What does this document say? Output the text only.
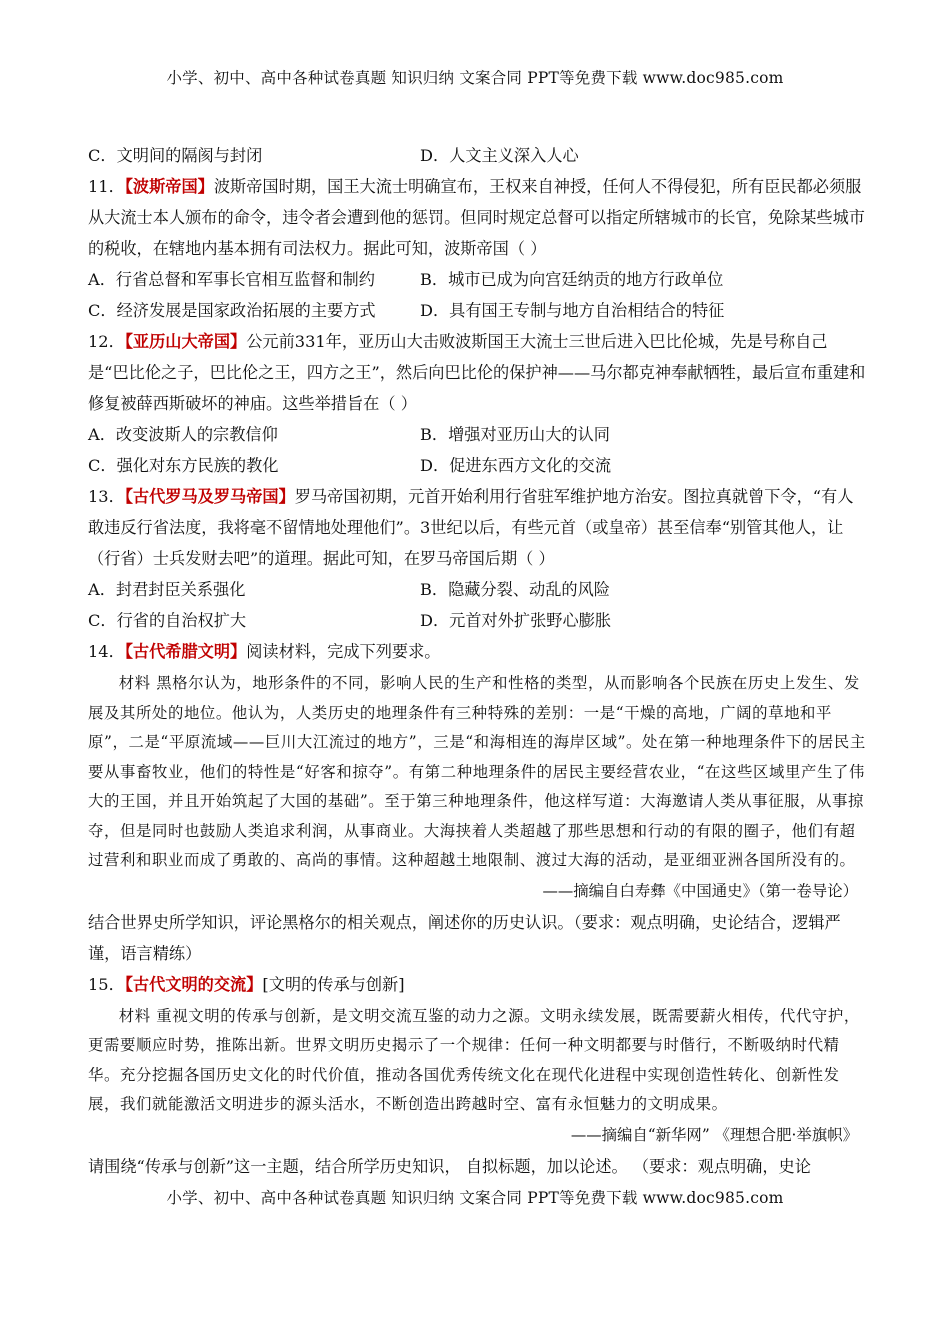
小学、初中、高中各种试卷真题 知识归纳 文案合同 PPT等免费下载 www.doc985.com
C．文明间的隔阂与封闭	D．人文主义深入人心

11．【波斯帝国】波斯帝国时期，国王大流士明确宣布，王权来自神授，任何人不得侵犯，所有臣民都必须服从大流士本人颁布的命令，违令者会遭到他的惩罚。但同时规定总督可以指定所辖城市的长官，免除某些城市的税收，在辖地内基本拥有司法权力。据此可知，波斯帝国（ ）

A．行省总督和军事长官相互监督和制约	B．城市已成为向宫廷纳贡的地方行政单位
C．经济发展是国家政治拓展的主要方式	D．具有国王专制与地方自治相结合的特征

12．【亚历山大帝国】公元前331年，亚历山大击败波斯国王大流士三世后进入巴比伦城，先是号称自己是“巴比伦之子，巴比伦之王，四方之王”，然后向巴比伦的保护神——马尔都克神奉献牺牲，最后宣布重建和修复被薛西斯破坏的神庙。这些举措旨在（ ）

A．改变波斯人的宗教信仰	B．增强对亚历山大的认同
C．强化对东方民族的教化	D．促进东西方文化的交流

13．【古代罗马及罗马帝国】罗马帝国初期，元首开始利用行省驻军维护地方治安。图拉真就曾下令，“有人敢违反行省法度，我将毫不留情地处理他们”。3世纪以后，有些元首（或皇帝）甚至信奉“别管其他人，让（行省）士兵发财去吧”的道理。据此可知，在罗马帝国后期（ ）

A．封君封臣关系强化	B．隐藏分裂、动乱的风险
C．行省的自治权扩大	D．元首对外扩张野心膨胀

14．【古代希腊文明】阅读材料，完成下列要求。

材料 黑格尔认为，地形条件的不同，影响人民的生产和性格的类型，从而影响各个民族在历史上发生、发展及其所处的地位。他认为，人类历史的地理条件有三种特殊的差别：一是“干燥的高地，广阔的草地和平原”，二是“平原流域——巨川大江流过的地方”，三是“和海相连的海岸区域”。处在第一种地理条件下的居民主要从事畜牧业，他们的特性是“好客和掠夺”。有第二种地理条件的居民主要经营农业，“在这些区域里产生了伟大的王国，并且开始筑起了大国的基础”。至于第三种地理条件，他这样写道：大海邀请人类从事征服，从事掠夺，但是同时也鼓励人类追求利润，从事商业。大海挟着人类超越了那些思想和行动的有限的圈子，他们有超过营利和职业而成了勇敢的、高尚的事情。这种超越土地限制、渡过大海的活动，是亚细亚洲各国所没有的。

——摘编自白寿彝《中国通史》（第一卷导论）

结合世界史所学知识，评论黑格尔的相关观点，阐述你的历史认识。（要求：观点明确，史论结合，逻辑严谨，语言精练）

15．【古代文明的交流】[文明的传承与创新]

材料 重视文明的传承与创新，是文明交流互鉴的动力之源。文明永续发展，既需要薪火相传，代代守护，更需要顺应时势，推陈出新。世界文明历史揭示了一个规律：任何一种文明都要与时偕行，不断吸纳时代精华。充分挖掘各国历史文化的时代价值，推动各国优秀传统文化在现代化进程中实现创造性转化、创新性发展，我们就能激活文明进步的源头活水，不断创造出跨越时空、富有永恒魅力的文明成果。

——摘编自“新华网” 《理想合肥·举旗帜》

请围绕“传承与创新”这一主题，结合所学历史知识， 自拟标题，加以论述。 （要求：观点明确，史论

小学、初中、高中各种试卷真题 知识归纳 文案合同 PPT等免费下载 www.doc985.com
